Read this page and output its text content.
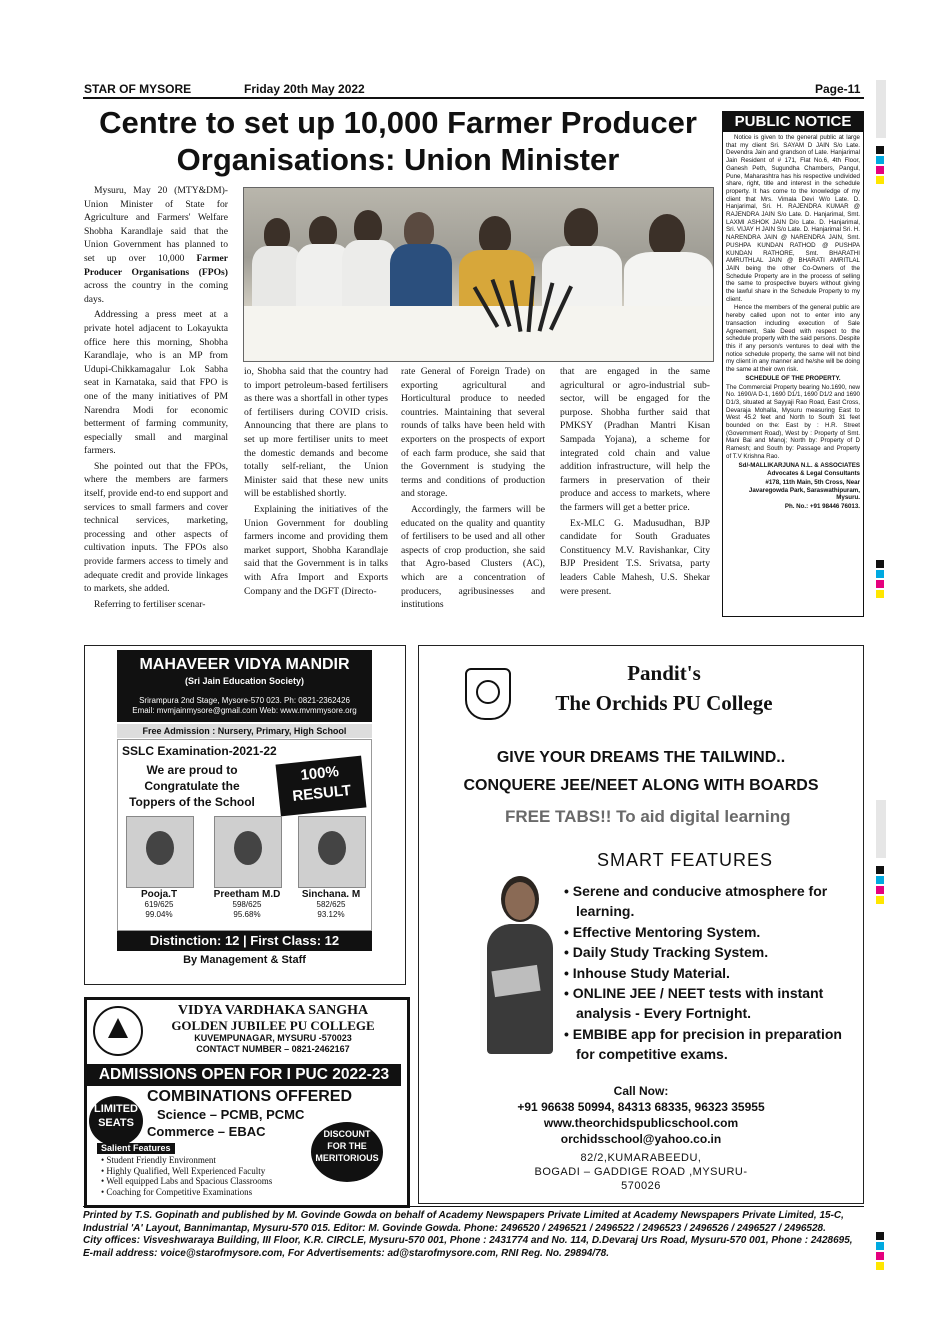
STAR OF MYSORE	Friday 20th May 2022	Page-11
Centre to set up 10,000 Farmer Producer Organisations: Union Minister

Mysuru, May 20 (MTY&DM)- Union Minister of State for Agriculture and Farmers' Welfare Shobha Karandlaje said that the Union Government has planned to set up over 10,000 Farmer Producer Organisations (FPOs) across the country in the coming days.

Addressing a press meet at a private hotel adjacent to Lokayukta office here this morning, Shobha Karandlaje, who is an MP from Udupi-Chikkamagalur Lok Sabha seat in Karnataka, said that FPO is one of the many initiatives of PM Narendra Modi for economic betterment of farming community, especially small and marginal farmers.

She pointed out that the FPOs, where the members are farmers itself, provide end-to end support and services to small farmers and cover technical services, marketing, processing and other aspects of cultivation inputs. The FPOs also provide farmers access to timely and adequate credit and provide linkages to markets, she added.

Referring to fertiliser scenar-

io, Shobha said that the country had to import petroleum-based fertilisers as there was a shortfall in other types of fertilisers during COVID crisis. Announcing that there are plans to set up more fertiliser units to meet the domestic demands and become totally self-reliant, the Union Minister said that these new units will be established shortly.

Explaining the initiatives of the Union Government for doubling farmers income and providing them market support, Shobha Karandlaje said that the Government is in talks with Afra Import and Exports Company and the DGFT (Directo-

rate General of Foreign Trade) on exporting agricultural and Horticultural produce to needed countries. Maintaining that several rounds of talks have been held with exporters on the prospects of export of each farm produce, she said that the Government is studying the terms and conditions of production and storage.

Accordingly, the farmers will be educated on the quality and quantity of fertilisers to be used and all other aspects of crop production, she said that Agro-based Clusters (AC), which are a concentration of producers, agribusinesses and institutions

that are engaged in the same agricultural or agro-industrial sub-sector, will be engaged for the purpose. Shobha further said that PMKSY (Pradhan Mantri Kisan Sampada Yojana), a scheme for integrated cold chain and value addition infrastructure, will help the farmers in preservation of their produce and access to markets, where the farmers will get a better price.

Ex-MLC G. Madusudhan, BJP candidate for South Graduates Constituency M.V. Ravishankar, City BJP President T.S. Srivatsa, party leaders Cable Mahesh, U.S. Shekar were present.

PUBLIC NOTICE

Notice is given to the general public at large that my client Sri. SAYAM D JAIN S/o Late. Devendra Jain and grandson of Late. Hanjarimal Jain Resident of # 171, Flat No.6, 4th Floor, Ganesh Peth, Sugundha Chambers, Pangul, Pune, Maharashtra has his respective undivided share, right, title and interest in the schedule property. It has come to the knowledge of my client that Mrs. Vimala Devi W/o Late. D. Hanjarimal, Sri. H. RAJENDRA KUMAR @ RAJENDRA JAIN S/o Late. D. Hanjarimal, Smt. LAXMI ASHOK JAIN D/o Late. D. Hanjarimal, Sri. VIJAY H JAIN S/o Late. D. Hanjarimal Sri. H. NARENDRA JAIN @ NARENDRA JAIN, Smt. PUSHPA KUNDAN RATHOD @ PUSHPA KUNDAN RATHORE, Smt. BHARATHI AMRUTHLAL JAIN @ BHARATI AMRITLAL JAIN being the other Co-Owners of the Schedule Property are in the process of selling the same to prospective buyers without giving the lawful share in the Schedule Property to my client.

Hence the members of the general public are hereby called upon not to enter into any transaction including execution of Sale Agreement, Sale Deed with respect to the schedule property with the said persons. Despite this if any person/s ventures to deal with the notice schedule property, the same will not bind my client in any manner and he/she will be doing the same at their own risk.

SCHEDULE OF THE PROPERTY.

The Commercial Property bearing No.1690, new No. 1690/A D-1, 1690 D1/1, 1690 D1/2 and 1690 D1/3, situated at Sayyaji Rao Road, East Cross, Devaraja Mohalla, Mysuru measuring East to West 45.2 feet and North to South 31 feet bounded on the: East by : H.R. Street (Government Road), West by : Property of Smt. Mani Bai and Manoj; North by: Property of D Ramesh; and South by: Passage and Property of T.V Krishna Rao.

Sd/-MALLIKARJUNA N.L. & ASSOCIATES

Advocates & Legal Consultants

#178, 11th Main, 5th Cross, Near Javaregowda Park, Saraswathipuram, Mysuru.

Ph. No.: +91 98446 76013.

MAHAVEER VIDYA MANDIR
(Sri Jain Education Society)
Srirampura 2nd Stage, Mysore-570 023. Ph: 0821-2362426
Email: mvmjainmysore@gmail.com Web: www.mvmmysore.org
Free Admission : Nursery, Primary, High School
SSLC Examination-2021-22
We are proud to
Congratulate the
Toppers of the School
100%
RESULT
Pooja.T
619/625
99.04%
Preetham M.D
598/625
95.68%
Sinchana. M
582/625
93.12%
Distinction: 12 | First Class: 12
By Management & Staff
VIDYA VARDHAKA SANGHA
GOLDEN JUBILEE PU COLLEGE
KUVEMPUNAGAR, MYSURU -570023
CONTACT NUMBER – 0821-2462167
ADMISSIONS OPEN FOR I PUC 2022-23
COMBINATIONS OFFERED
LIMITED
SEATS
Science – PCMB, PCMC
Commerce – EBAC
Salient Features
• Student Friendly Environment
• Highly Qualified, Well Experienced Faculty
• Well equipped Labs and Spacious Classrooms
• Coaching for Competitive Examinations
DISCOUNT
FOR THE
MERITORIOUS
Pandit's
The Orchids PU College
GIVE YOUR DREAMS THE TAILWIND..
CONQUERE JEE/NEET ALONG WITH BOARDS
FREE TABS!! To aid digital learning
SMART FEATURES
• Serene and conducive atmosphere for learning.
• Effective Mentoring System.
• Daily Study Tracking System.
• Inhouse Study Material.
• ONLINE JEE / NEET tests with instant analysis - Every Fortnight.
• EMBIBE app for precision in preparation for competitive exams.
Call Now:
+91 96638 50994, 84313 68335, 96323 35955
www.theorchidspublicschool.com
orchidsschool@yahoo.co.in
82/2,KUMARABEEDU,
BOGADI – GADDIGE ROAD ,MYSURU-
570026
Printed by T.S. Gopinath and published by M. Govinde Gowda on behalf of Academy Newspapers Private Limited at Academy Newspapers Private Limited, 15-C, Industrial 'A' Layout, Bannimantap, Mysuru-570 015. Editor: M. Govinde Gowda. Phone: 2496520 / 2496521 / 2496522 / 2496523 / 2496526 / 2496527 / 2496528.
City offices: Visveshwaraya Building, III Floor, K.R. CIRCLE, Mysuru-570 001, Phone : 2431774 and No. 114, D.Devaraj Urs Road, Mysuru-570 001, Phone : 2428695,
E-mail address: voice@starofmysore.com, For Advertisements: ad@starofmysore.com, RNI Reg. No. 29894/78.
